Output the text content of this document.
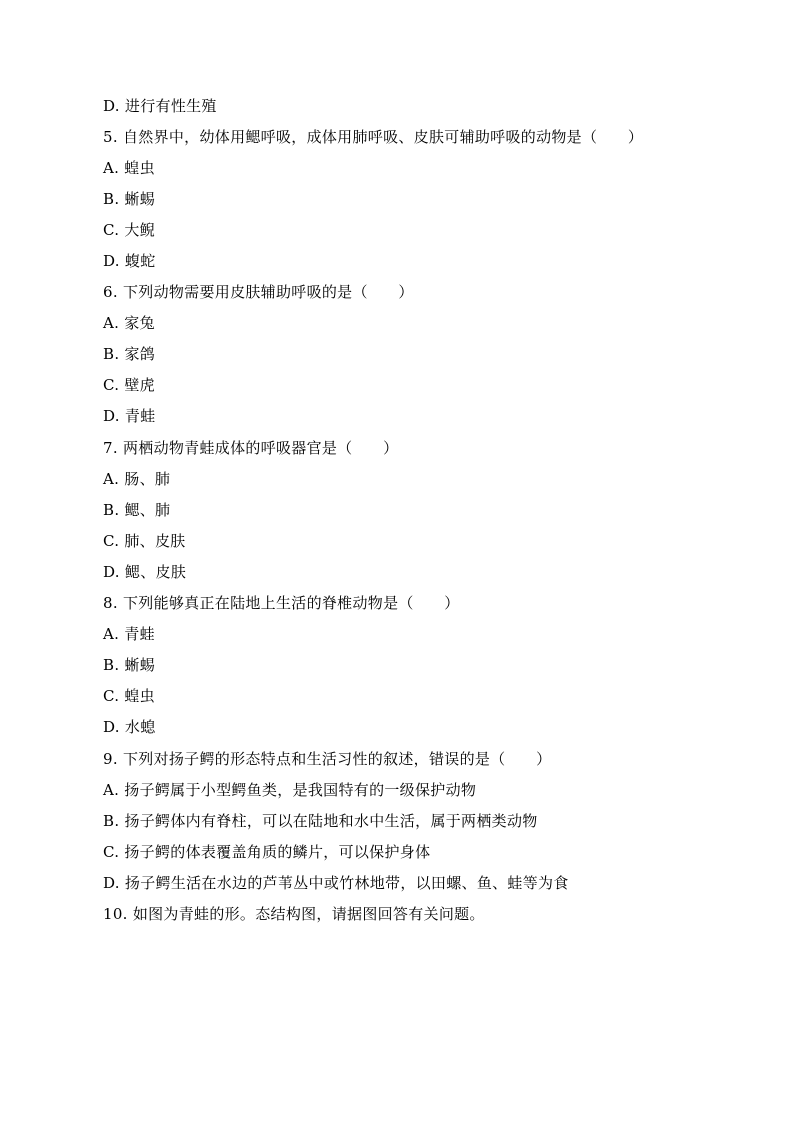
D. 进行有性生殖
5. 自然界中，幼体用鳃呼吸，成体用肺呼吸、皮肤可辅助呼吸的动物是（　　）
A. 蝗虫
B. 蜥蜴
C. 大鲵
D. 蝮蛇
6. 下列动物需要用皮肤辅助呼吸的是（　　）
A. 家兔
B. 家鸽
C. 壁虎
D. 青蛙
7. 两栖动物青蛙成体的呼吸器官是（　　）
A. 肠、肺
B. 鳃、肺
C. 肺、皮肤
D. 鳃、皮肤
8. 下列能够真正在陆地上生活的脊椎动物是（　　）
A. 青蛙
B. 蜥蜴
C. 蝗虫
D. 水螅
9. 下列对扬子鳄的形态特点和生活习性的叙述，错误的是（　　）
A. 扬子鳄属于小型鳄鱼类，是我国特有的一级保护动物
B. 扬子鳄体内有脊柱，可以在陆地和水中生活，属于两栖类动物
C. 扬子鳄的体表覆盖角质的鳞片，可以保护身体
D. 扬子鳄生活在水边的芦苇丛中或竹林地带，以田螺、鱼、蛙等为食
10. 如图为青蛙的形。态结构图，请据图回答有关问题。
